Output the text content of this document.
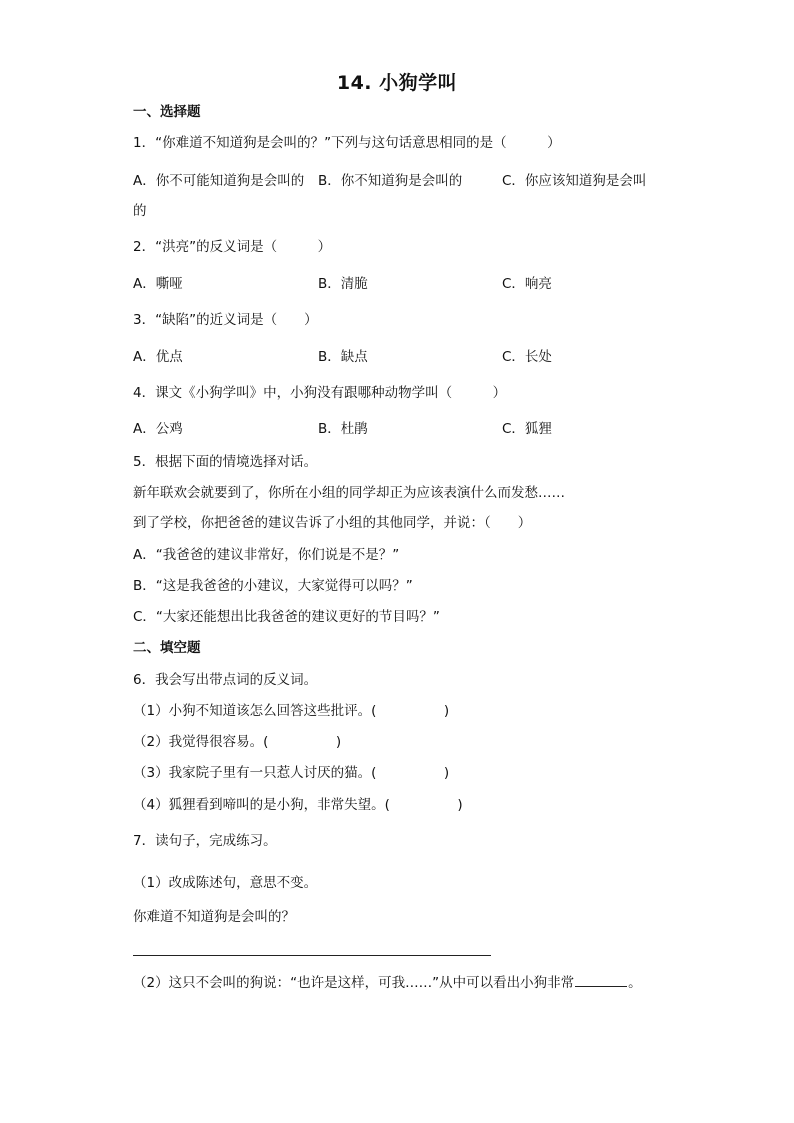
14. 小狗学叫
一、选择题
1．“你难道不知道狗是会叫的？”下列与这句话意思相同的是（　　　）
A．你不可能知道狗是会叫的 B．你不知道狗是会叫的	C．你应该知道狗是会叫
的
2．“洪亮”的反义词是（　　　）
A．嘶哑	B．清脆	C．响亮
3．“缺陷”的近义词是（　　）
A．优点	B．缺点	C．长处
4．课文《小狗学叫》中，小狗没有跟哪种动物学叫（　　　）
A．公鸡	B．杜鹃	C．狐狸
5．根据下面的情境选择对话。
新年联欢会就要到了，你所在小组的同学却正为应该表演什么而发愁……
到了学校，你把爸爸的建议告诉了小组的其他同学，并说：（　　）
A．“我爸爸的建议非常好，你们说是不是？”
B．“这是我爸爸的小建议，大家觉得可以吗？”
C．“大家还能想出比我爸爸的建议更好的节目吗？”
二、填空题
6．我会写出带点词的反义词。
（1）小狗不知道该怎么回答这些批评。(　　　　　)
（2）我觉得很容易。(　　　　　)
（3）我家院子里有一只惹人讨厌的猫。(　　　　　)
（4）狐狸看到啼叫的是小狗，非常失望。(　　　　　)
7．读句子，完成练习。
（1）改成陈述句，意思不变。
你难道不知道狗是会叫的？
（2）这只不会叫的狗说：“也许是这样，可我……”从中可以看出小狗非常	。
